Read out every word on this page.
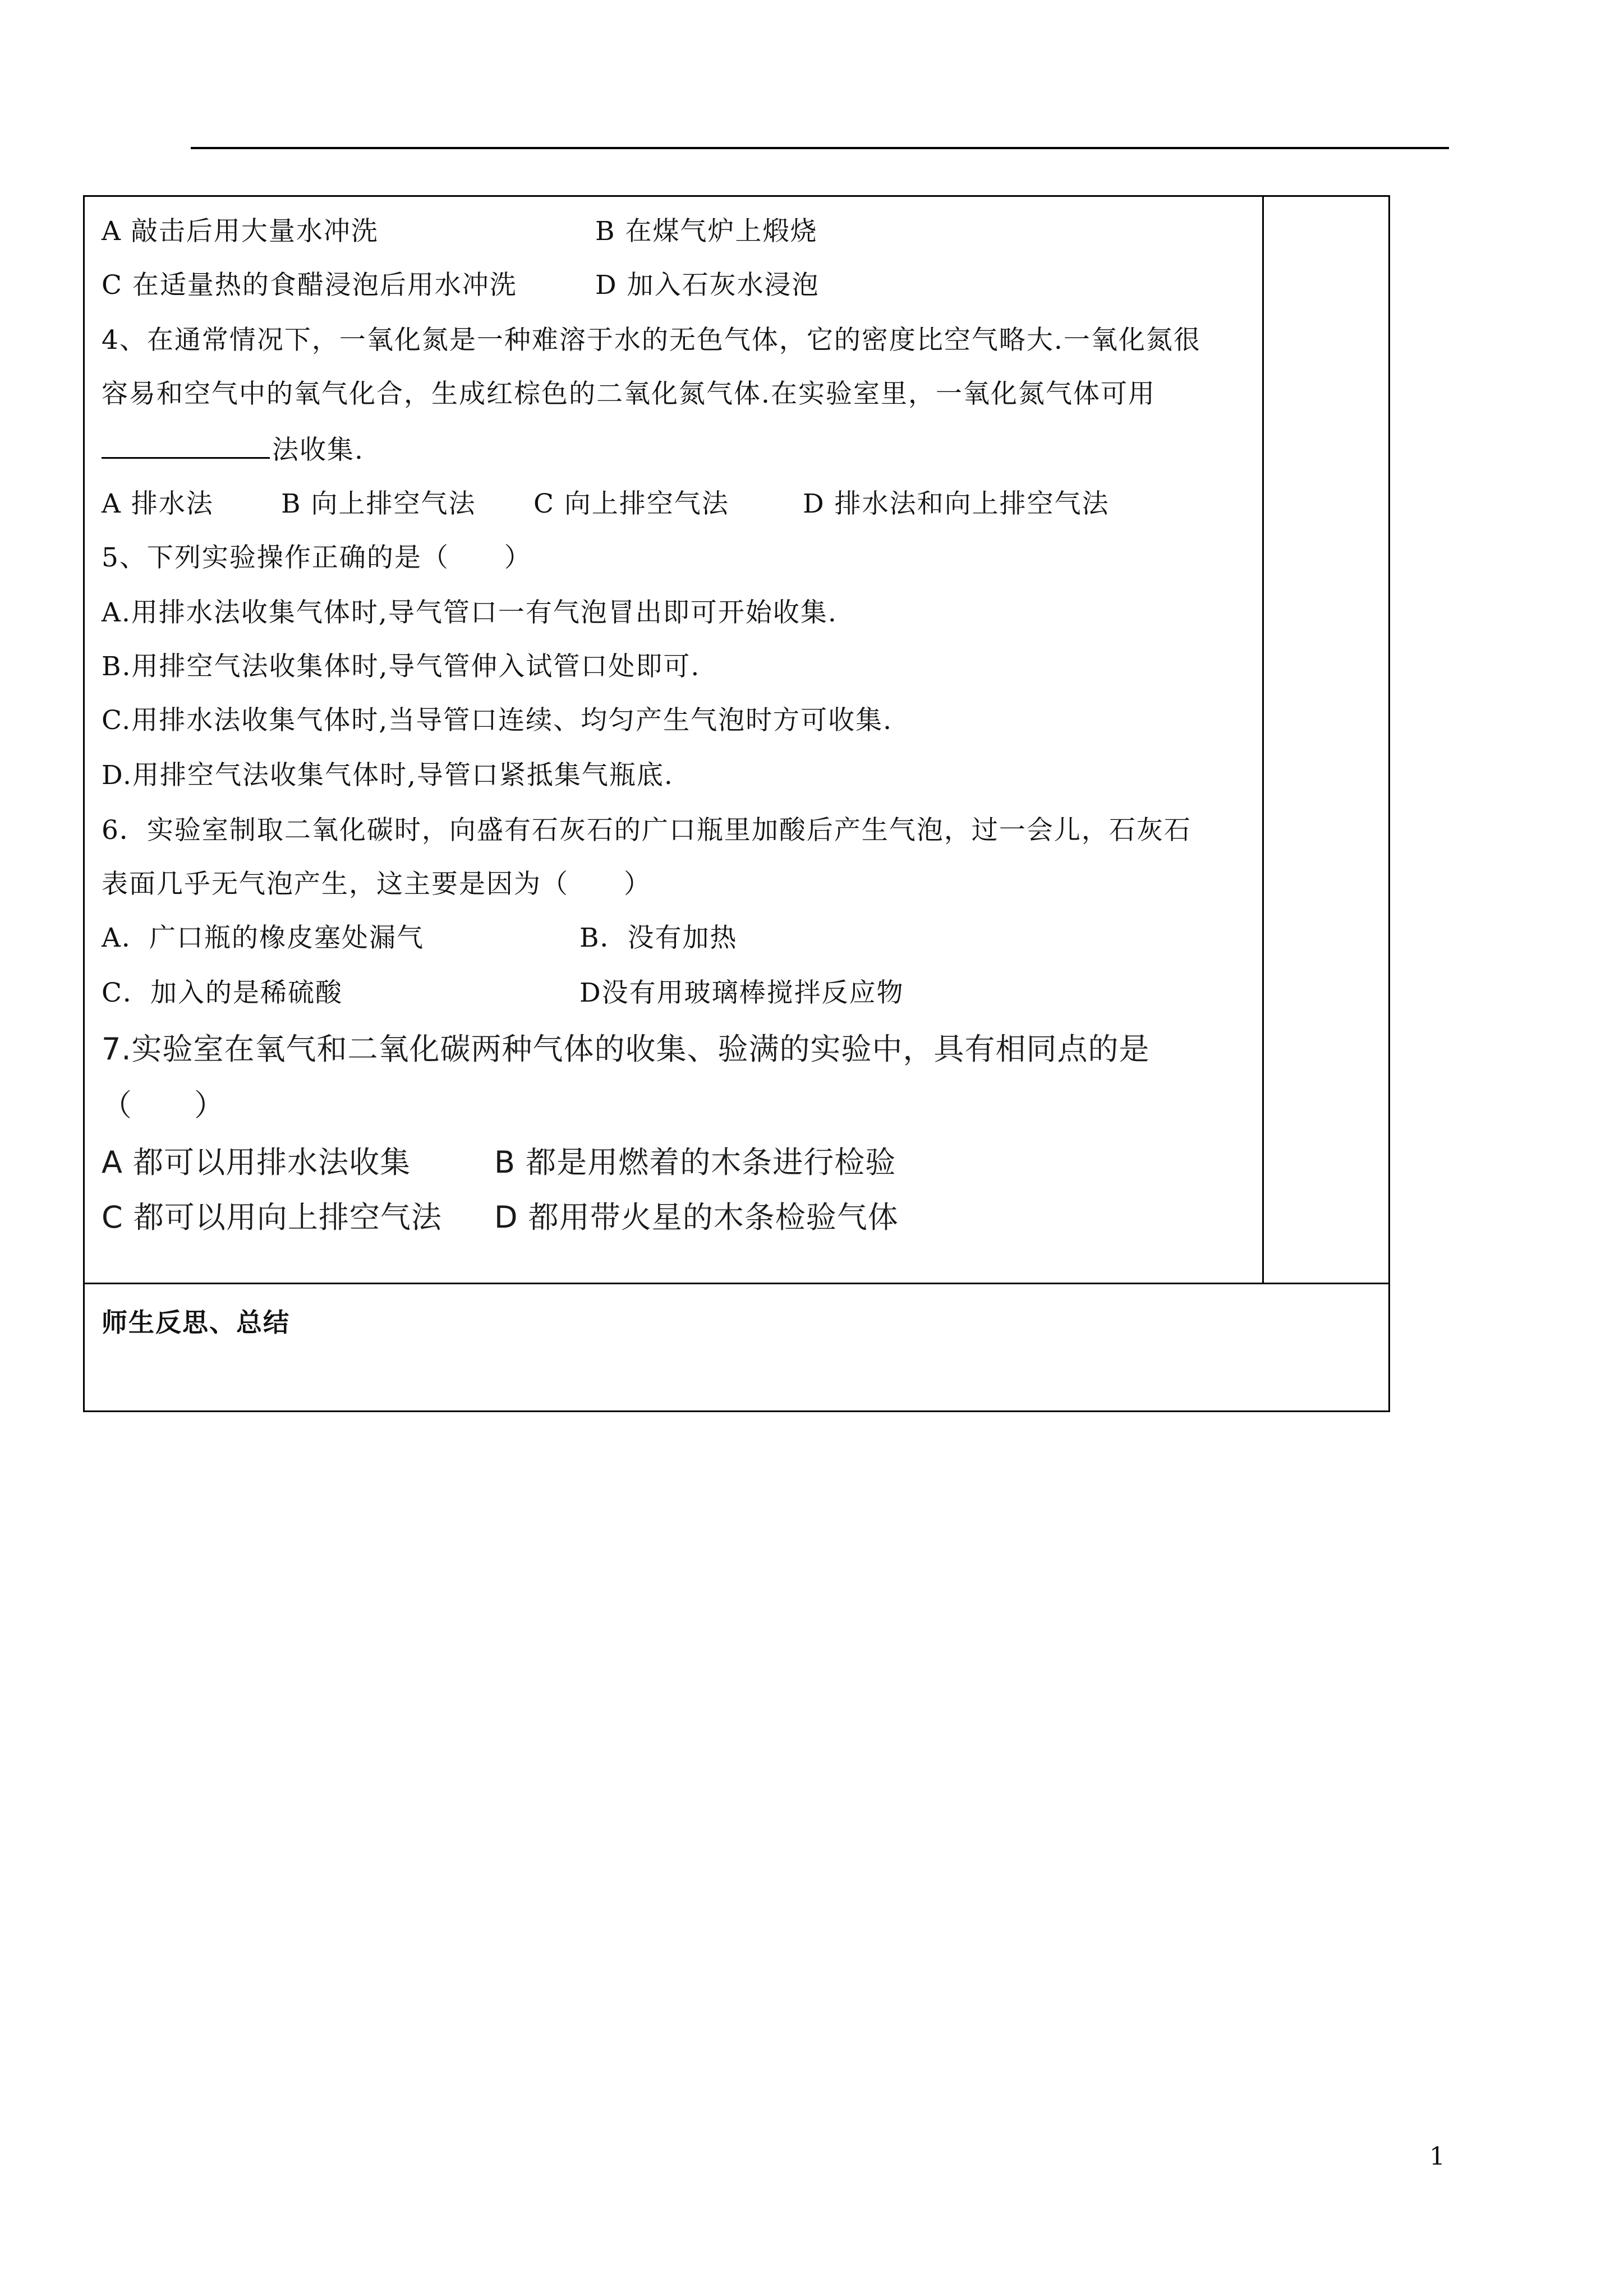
A 敲击后用大量水冲洗	B 在煤气炉上煅烧
C 在适量热的食醋浸泡后用水冲洗	D 加入石灰水浸泡
4、在通常情况下，一氧化氮是一种难溶于水的无色气体，它的密度比空气略大.一氧化氮很
容易和空气中的氧气化合，生成红棕色的二氧化氮气体.在实验室里，一氧化氮气体可用
法收集.
A 排水法	B 向上排空气法 C 向上排空气法	D 排水法和向上排空气法
5、下列实验操作正确的是（　　）
A.用排水法收集气体时,导气管口一有气泡冒出即可开始收集.
B.用排空气法收集体时,导气管伸入试管口处即可.
C.用排水法收集气体时,当导管口连续、均匀产生气泡时方可收集.
D.用排空气法收集气体时,导管口紧抵集气瓶底.
6．实验室制取二氧化碳时，向盛有石灰石的广口瓶里加酸后产生气泡，过一会儿，石灰石
表面几乎无气泡产生，这主要是因为（　　）
A．广口瓶的橡皮塞处漏气	B．没有加热
C．加入的是稀硫酸	D没有用玻璃棒搅拌反应物
7.实验室在氧气和二氧化碳两种气体的收集、验满的实验中，具有相同点的是
（　　）
A 都可以用排水法收集	B 都是用燃着的木条进行检验
C 都可以用向上排空气法 D 都用带火星的木条检验气体
师生反思、总结
1
